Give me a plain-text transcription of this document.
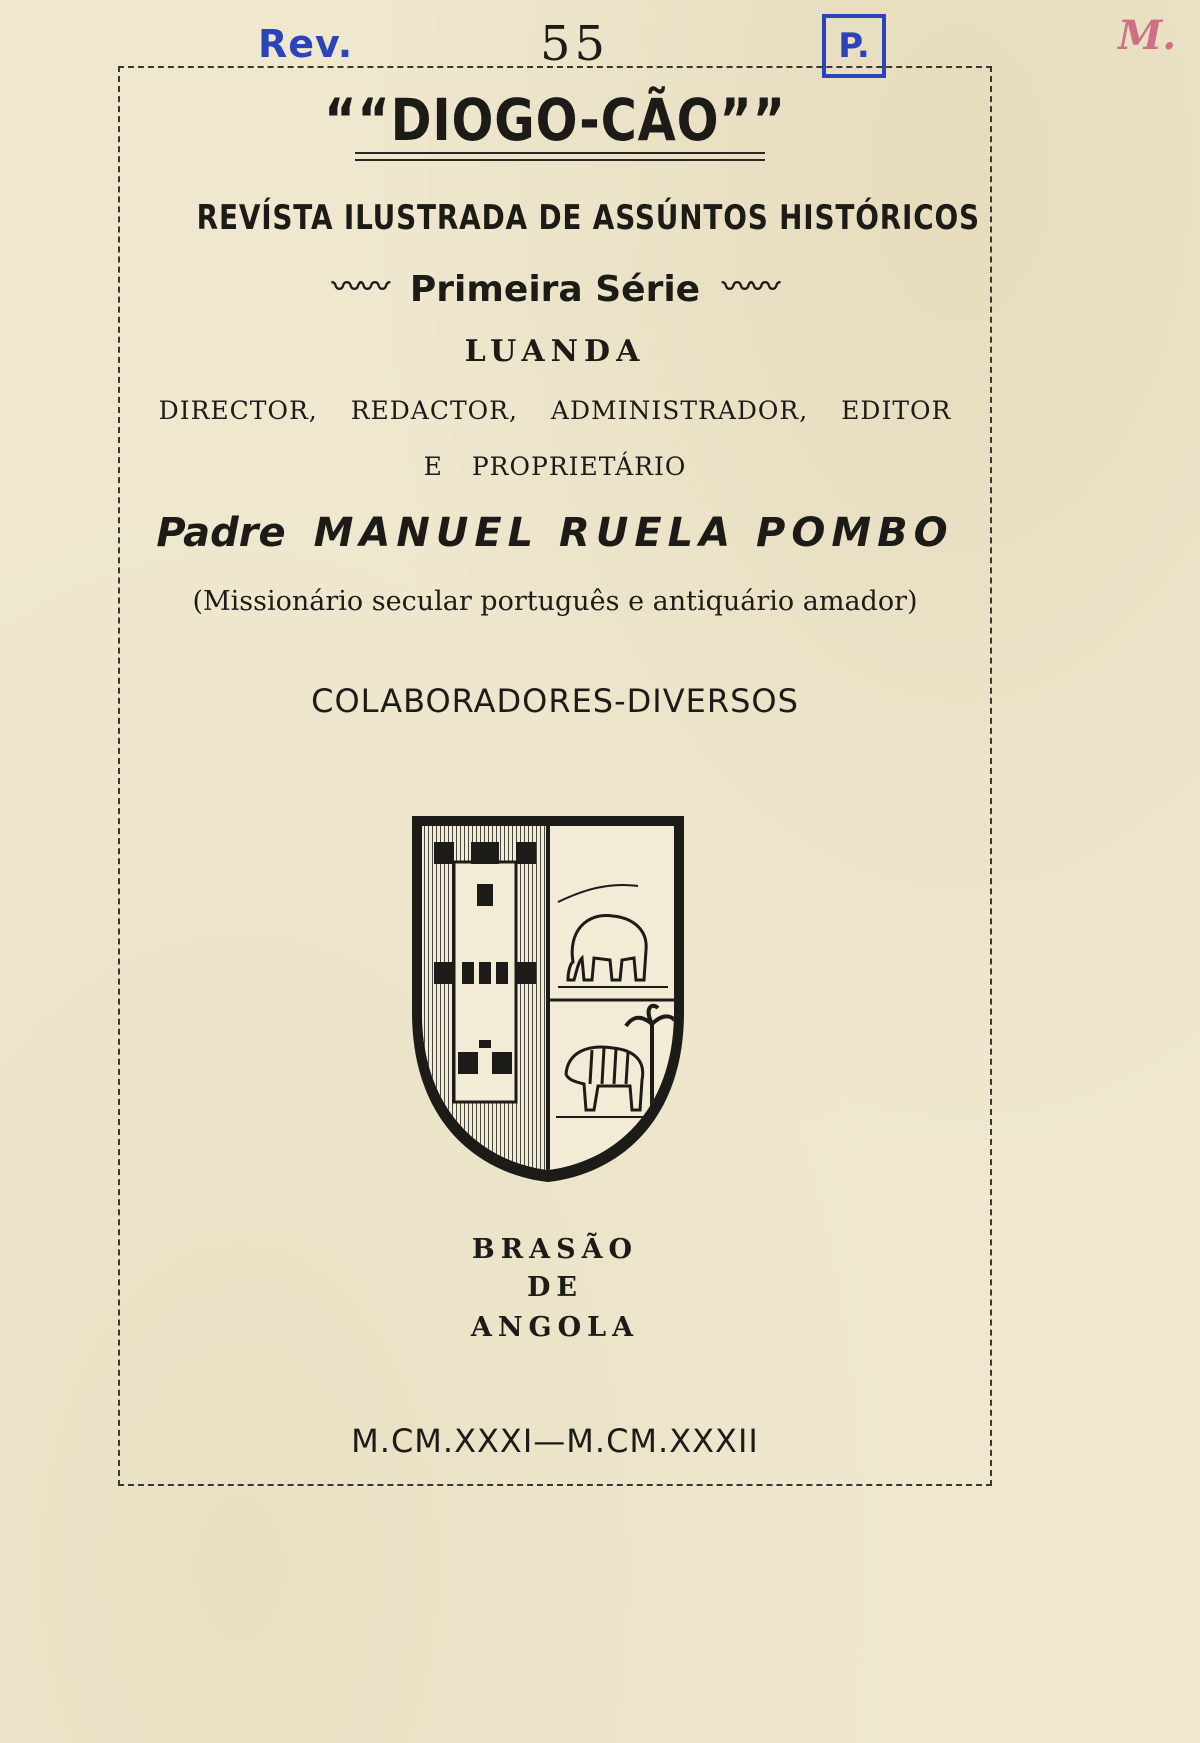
Rev.	55	P.	M.
““DIOGO-CÃO””
REVÍSTA ILUSTRADA DE ASSÚNTOS HISTÓRICOS
〰〰 Primeira Série 〰〰
LUANDA
DIRECTOR, REDACTOR, ADMINISTRADOR, EDITOR
E PROPRIETÁRIO
Padre MANUEL RUELA POMBO
(Missionário secular português e antiquário amador)
COLABORADORES-DIVERSOS
BRASÃO
DE
ANGOLA
M.CM.XXXI—M.CM.XXXII
